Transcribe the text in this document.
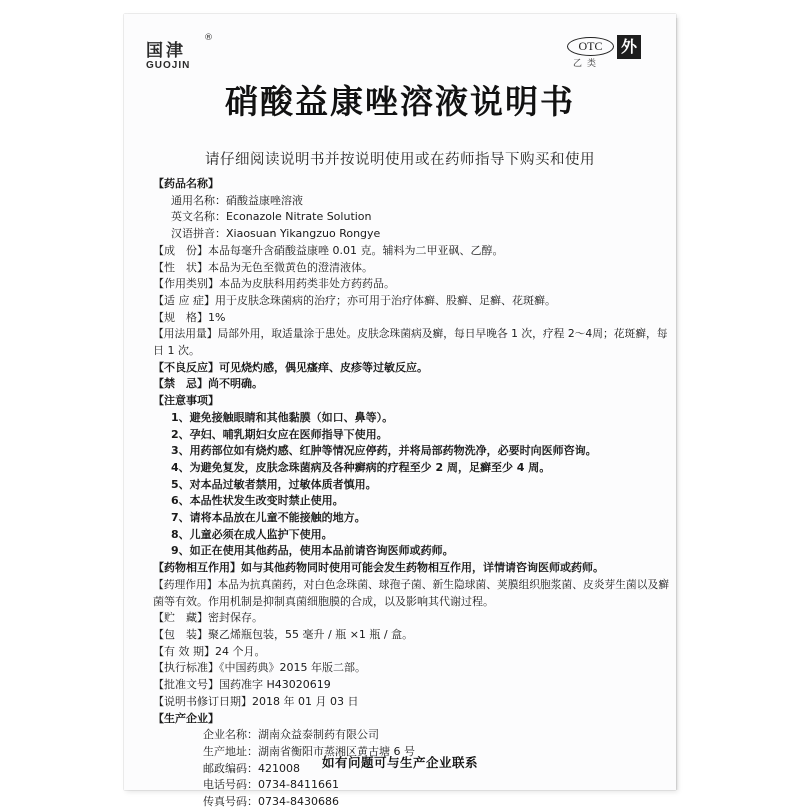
国津
®
GUOJIN
OTC
乙类
外
硝酸益康唑溶液说明书
请仔细阅读说明书并按说明使用或在药师指导下购买和使用
【药品名称】
通用名称：硝酸益康唑溶液
英文名称：Econazole Nitrate Solution
汉语拼音：Xiaosuan Yikangzuo Rongye
【成　份】本品每毫升含硝酸益康唑 0.01 克。辅料为二甲亚砜、乙醇。
【性　状】本品为无色至微黄色的澄清液体。
【作用类别】本品为皮肤科用药类非处方药药品。
【适 应 症】用于皮肤念珠菌病的治疗；亦可用于治疗体癣、股癣、足癣、花斑癣。
【规　格】1%
【用法用量】局部外用，取适量涂于患处。皮肤念珠菌病及癣，每日早晚各 1 次，疗程 2～4周；花斑癣，每
日 1 次。
【不良反应】可见烧灼感，偶见瘙痒、皮疹等过敏反应。
【禁　忌】尚不明确。
【注意事项】
1、避免接触眼睛和其他黏膜（如口、鼻等）。
2、孕妇、哺乳期妇女应在医师指导下使用。
3、用药部位如有烧灼感、红肿等情况应停药，并将局部药物洗净，必要时向医师咨询。
4、为避免复发，皮肤念珠菌病及各种癣病的疗程至少 2 周，足癣至少 4 周。
5、对本品过敏者禁用，过敏体质者慎用。
6、本品性状发生改变时禁止使用。
7、请将本品放在儿童不能接触的地方。
8、儿童必须在成人监护下使用。
9、如正在使用其他药品，使用本品前请咨询医师或药师。
【药物相互作用】如与其他药物同时使用可能会发生药物相互作用，详情请咨询医师或药师。
【药理作用】本品为抗真菌药，对白色念珠菌、球孢子菌、新生隐球菌、荚膜组织胞浆菌、皮炎芽生菌以及癣
菌等有效。作用机制是抑制真菌细胞膜的合成，以及影响其代谢过程。
【贮　藏】密封保存。
【包　装】聚乙烯瓶包装，55 毫升 / 瓶 ×1 瓶 / 盒。
【有 效 期】24 个月。
【执行标准】《中国药典》2015 年版二部。
【批准文号】国药准字 H43020619
【说明书修订日期】2018 年 01 月 03 日
【生产企业】
企业名称：湖南众益泰制药有限公司
生产地址：湖南省衡阳市蒸湘区黄古塘 6 号
邮政编码：421008
电话号码：0734-8411661
传真号码：0734-8430686
如有问题可与生产企业联系
